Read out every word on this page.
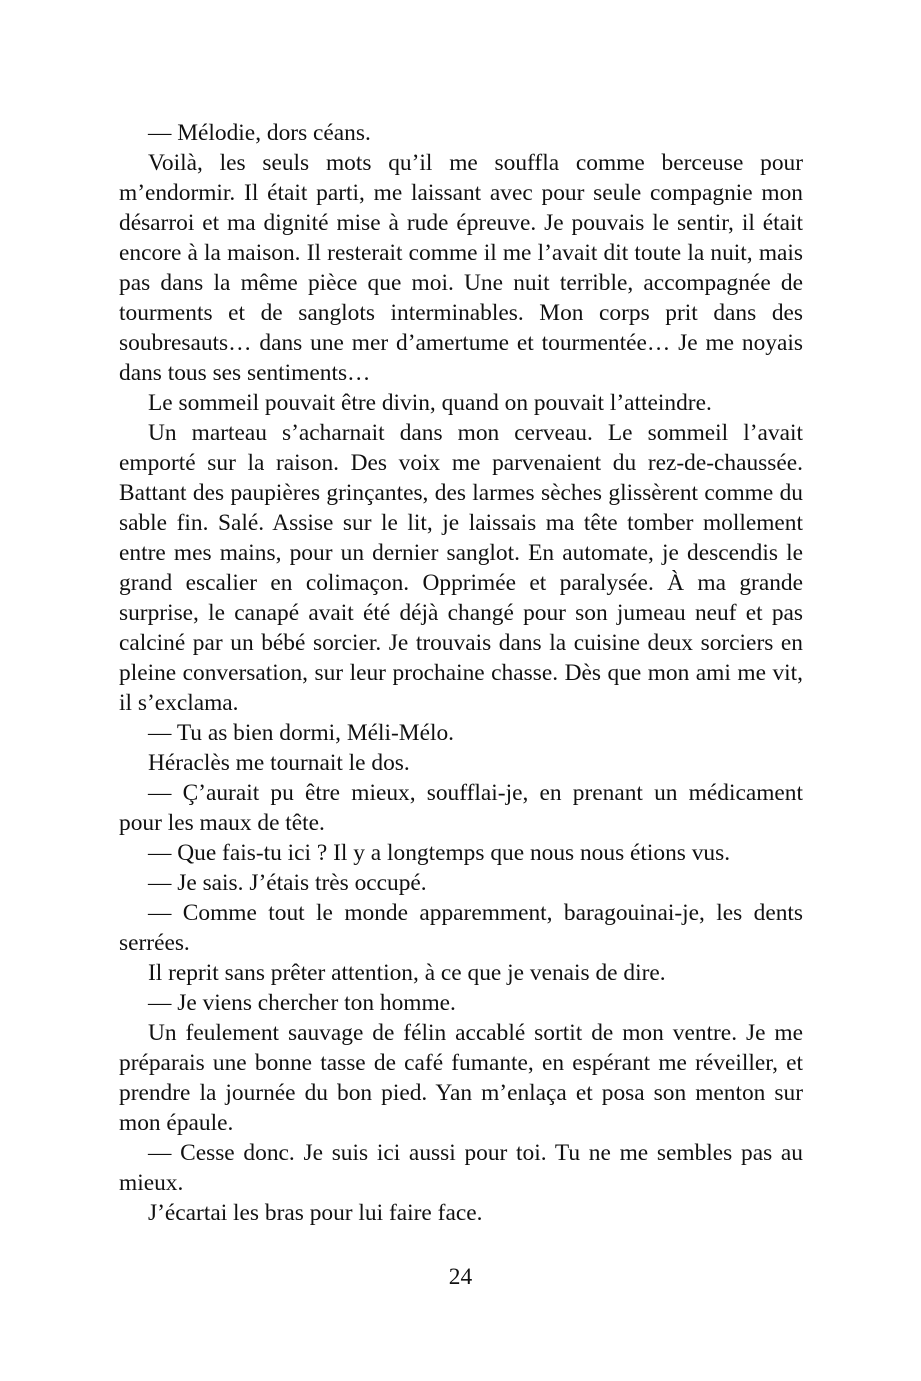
— Mélodie, dors céans.

Voilà, les seuls mots qu’il me souffla comme berceuse pour m’endormir. Il était parti, me laissant avec pour seule compagnie mon désarroi et ma dignité mise à rude épreuve. Je pouvais le sentir, il était encore à la maison. Il resterait comme il me l’avait dit toute la nuit, mais pas dans la même pièce que moi. Une nuit terrible, accompagnée de tourments et de sanglots interminables. Mon corps prit dans des soubresauts… dans une mer d’amertume et tourmentée… Je me noyais dans tous ses sentiments…

Le sommeil pouvait être divin, quand on pouvait l’atteindre.

Un marteau s’acharnait dans mon cerveau. Le sommeil l’avait emporté sur la raison. Des voix me parvenaient du rez-de-chaussée. Battant des paupières grinçantes, des larmes sèches glissèrent comme du sable fin. Salé. Assise sur le lit, je laissais ma tête tomber mollement entre mes mains, pour un dernier sanglot. En automate, je descendis le grand escalier en colimaçon. Opprimée et paralysée. À ma grande surprise, le canapé avait été déjà changé pour son jumeau neuf et pas calciné par un bébé sorcier. Je trouvais dans la cuisine deux sorciers en pleine conversation, sur leur prochaine chasse. Dès que mon ami me vit, il s’exclama.

— Tu as bien dormi, Méli-Mélo.

Héraclès me tournait le dos.

— Ç’aurait pu être mieux, soufflai-je, en prenant un médicament pour les maux de tête.

— Que fais-tu ici ? Il y a longtemps que nous nous étions vus.

— Je sais. J’étais très occupé.

— Comme tout le monde apparemment, baragouinai-je, les dents serrées.

Il reprit sans prêter attention, à ce que je venais de dire.

— Je viens chercher ton homme.

Un feulement sauvage de félin accablé sortit de mon ventre. Je me préparais une bonne tasse de café fumante, en espérant me réveiller, et prendre la journée du bon pied. Yan m’enlaça et posa son menton sur mon épaule.

— Cesse donc. Je suis ici aussi pour toi. Tu ne me sembles pas au mieux.

J’écartai les bras pour lui faire face.

24
